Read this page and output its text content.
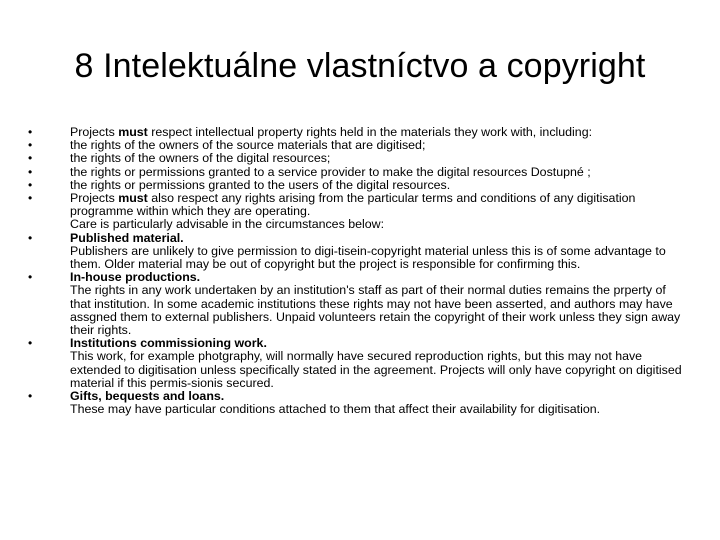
8 Intelektuálne vlastníctvo a copyright
•	Projects must respect intellectual property rights held in the materials they work with, including:
•	the rights of the owners of the source materials that are digitised;
•	the rights of the owners of the digital resources;
•	the rights or permissions granted to a service provider to make the digital resources Dostupné ;
•	the rights or permissions granted to the users of the digital resources.
•	Projects must also respect any rights arising from the particular terms and conditions of any digitisation programme within which they are operating.
Care is particularly advisable in the circumstances below:
•	Published material.
Publishers are unlikely to give permission to digi-tisein-copyright material unless this is of some advantage to them. Older material may be out of copyright but the project is responsible for confirming this.
•	In-house productions.
The rights in any work undertaken by an institution's staff as part of their normal duties remains the prperty of that institution. In some academic institutions these rights may not have been asserted, and authors may have assgned them to external publishers. Unpaid volunteers retain the copyright of their work unless they sign away their rights.
•	Institutions commissioning work.
This work, for example photgraphy, will normally have secured reproduction rights, but this may not have extended to digitisation unless specifically stated in the agreement. Projects will only have copyright on digitised material if this permis-sionis secured.
•	Gifts, bequests and loans.
These may have particular conditions attached to them that affect their availability for digitisation.
